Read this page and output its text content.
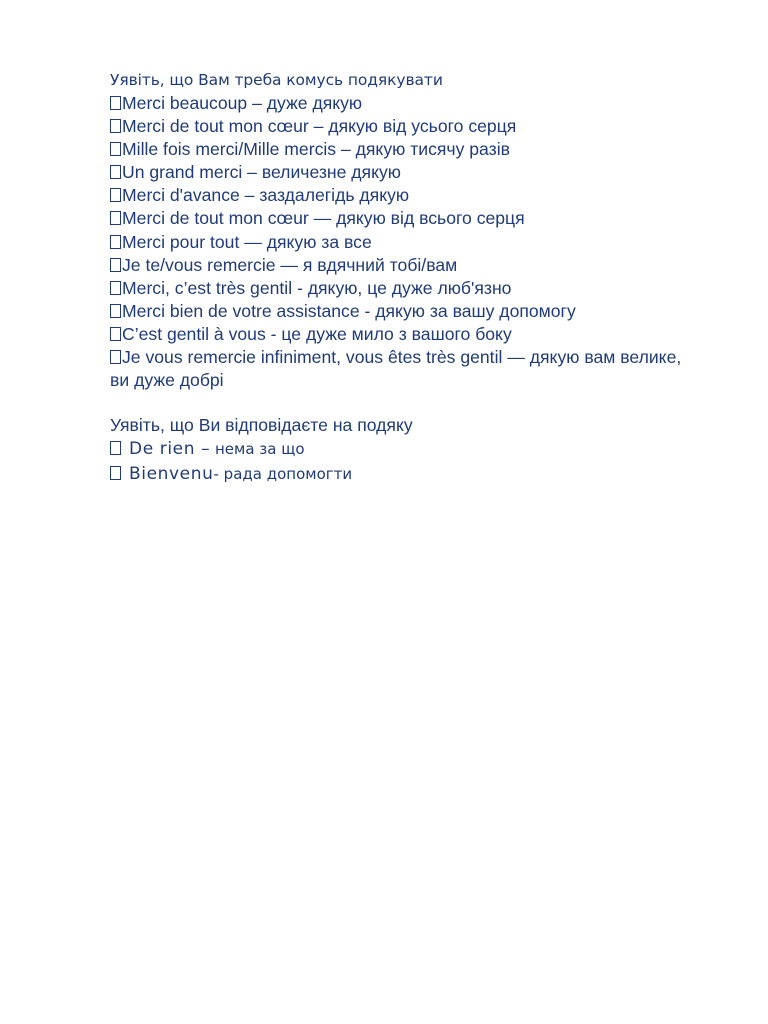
Уявіть, що Вам треба комусь подякувати

Merci beaucoup – дуже дякую
Merci de tout mon cœur – дякую від усього серця
Mille fois merci/Mille mercis – дякую тисячу разів
Un grand merci – величезне дякую
Merci d'avance – заздалегідь дякую
Merci de tout mon cœur — дякую від всього серця
Merci pour tout — дякую за все
Je te/vous remercie — я вдячний тобі/вам
Merci, c’est très gentil - дякую, це дуже люб'язно
Merci bien de votre assistance - дякую за вашу допомогу
C’est gentil à vous - це дуже мило з вашого боку
Je vous remercie infiniment, vous êtes très gentil — дякую вам велике, ви дуже добрі

Уявіть, що Ви відповідаєте на подяку

De rien – нема за що
Bienvenu- рада допомогти
